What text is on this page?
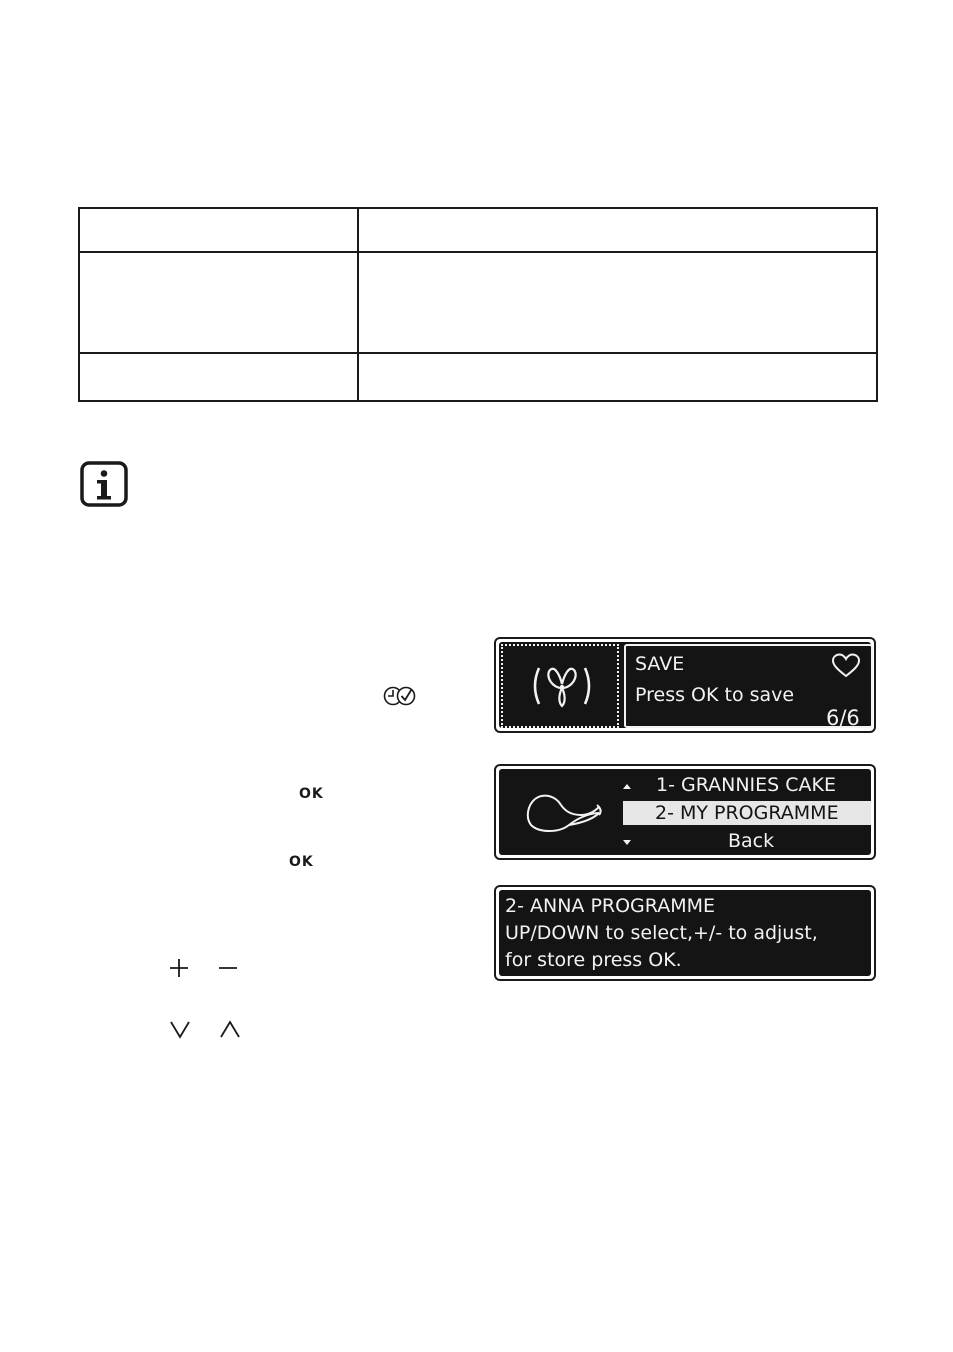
OK
OK
SAVE
Press OK to save
6/6
1- GRANNIES CAKE
2- MY PROGRAMME
Back
2- ANNA PROGRAMME
UP/DOWN to select,+/- to adjust,
for store press OK.
